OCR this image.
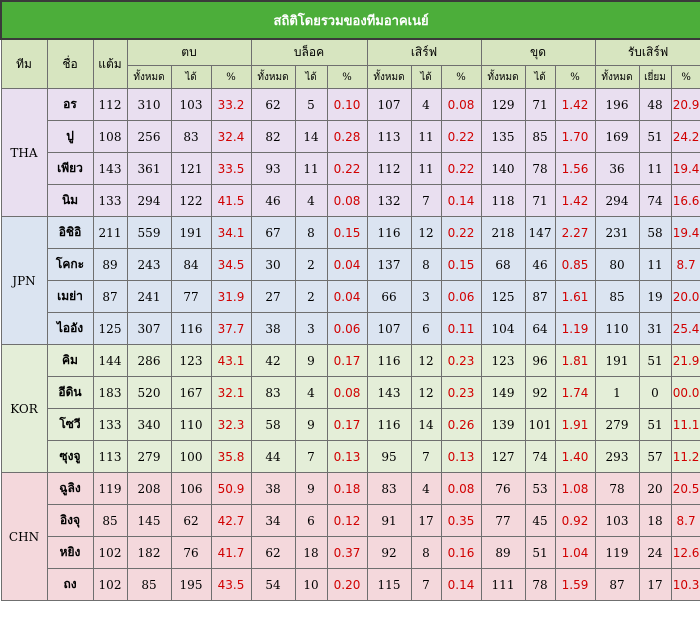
สถิติโดยรวมของทีมอาคเนย์																	
ทีม	ชื่อ	แต้ม	ตบ			บล็อค			เสิร์ฟ			ขุด			รับเสิร์ฟ		
			ทั้งหมด	ได้	%	ทั้งหมด	ได้	%	ทั้งหมด	ได้	%	ทั้งหมด	ได้	%	ทั้งหมด	เยี่ยม	%
THA	อร	112	310	103	33.2	62	5	0.10	107	4	0.08	129	71	1.42	196	48	20.9
	ปู	108	256	83	32.4	82	14	0.28	113	11	0.22	135	85	1.70	169	51	24.2
	เพียว	143	361	121	33.5	93	11	0.22	112	11	0.22	140	78	1.56	36	11	19.4
	นิม	133	294	122	41.5	46	4	0.08	132	7	0.14	118	71	1.42	294	74	16.6
JPN	อิชิอิ	211	559	191	34.1	67	8	0.15	116	12	0.22	218	147	2.27	231	58	19.4
	โคกะ	89	243	84	34.5	30	2	0.04	137	8	0.15	68	46	0.85	80	11	8.7
	เมย่า	87	241	77	31.9	27	2	0.04	66	3	0.06	125	87	1.61	85	19	20.0
	ไออัง	125	307	116	37.7	38	3	0.06	107	6	0.11	104	64	1.19	110	31	25.4
KOR	คิม	144	286	123	43.1	42	9	0.17	116	12	0.23	123	96	1.81	191	51	21.9
	อีดิน	183	520	167	32.1	83	4	0.08	143	12	0.23	149	92	1.74	1	0	00.0
	โซวี	133	340	110	32.3	58	9	0.17	116	14	0.26	139	101	1.91	279	51	11.1
	ซุงจู	113	279	100	35.8	44	7	0.13	95	7	0.13	127	74	1.40	293	57	11.2
CHN	ฉูลิง	119	208	106	50.9	38	9	0.18	83	4	0.08	76	53	1.08	78	20	20.5
	อิงจุ	85	145	62	42.7	34	6	0.12	91	17	0.35	77	45	0.92	103	18	8.7
	หยิง	102	182	76	41.7	62	18	0.37	92	8	0.16	89	51	1.04	119	24	12.6
	ถง	102	85	195	43.5	54	10	0.20	115	7	0.14	111	78	1.59	87	17	10.3
